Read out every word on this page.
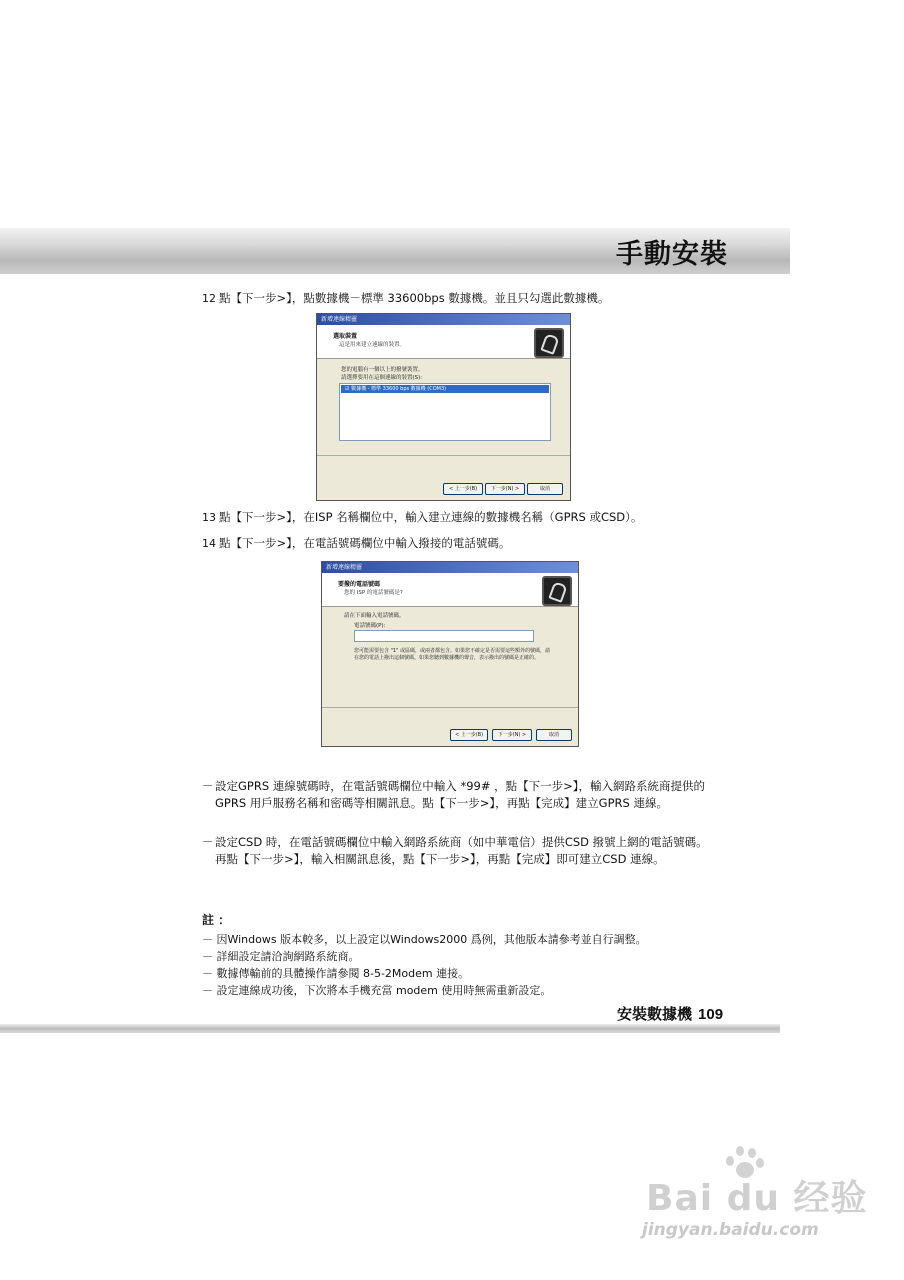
手動安裝
12 點【下一步>】，點數據機－標準 33600bps 數據機。並且只勾選此數據機。
新增連線精靈
選取裝置
這是用來建立連線的裝置。
您的電腦有一個以上的撥號裝置。
請選擇要用在這個連線的裝置(S):
☑ 數據機 - 標準 33600 bps 數據機 (COM3)
< 上一步(B)	下一步(N) >	取消
13 點【下一步>】，在ISP 名稱欄位中，輸入建立連線的數據機名稱（GPRS 或CSD）。
14 點【下一步>】，在電話號碼欄位中輸入撥接的電話號碼。
新增連線精靈
要撥的電話號碼
您的 ISP 的電話號碼是?
請在下面輸入電話號碼。
電話號碼(P):
您可能需要包含 "1" 或區碼，或兩者都包含。如果您不確定是否需要這些額外的號碼，請在您的電話上撥出這個號碼。如果您聽到數據機的聲音，表示撥出的號碼是正確的。
< 上一步(B)	下一步(N) >	取消
－ 設定GPRS 連線號碼時，在電話號碼欄位中輸入 *99# ，點【下一步>】，輸入網路系統商提供的GPRS 用戶服務名稱和密碼等相關訊息。點【下一步>】，再點【完成】建立GPRS 連線。
－ 設定CSD 時，在電話號碼欄位中輸入網路系統商（如中華電信）提供CSD 撥號上網的電話號碼。再點【下一步>】，輸入相關訊息後，點【下一步>】，再點【完成】即可建立CSD 連線。
註 ：
－ 因Windows 版本較多，以上設定以Windows2000 爲例，其他版本請參考並自行調整。
－ 詳細設定請洽詢網路系統商。
－ 數據傳輸前的具體操作請參閱 8-5-2Modem 連接。
－ 設定連線成功後，下次將本手機充當 modem 使用時無需重新設定。
安裝數據機 109
Bai du 经验
jingyan.baidu.com
